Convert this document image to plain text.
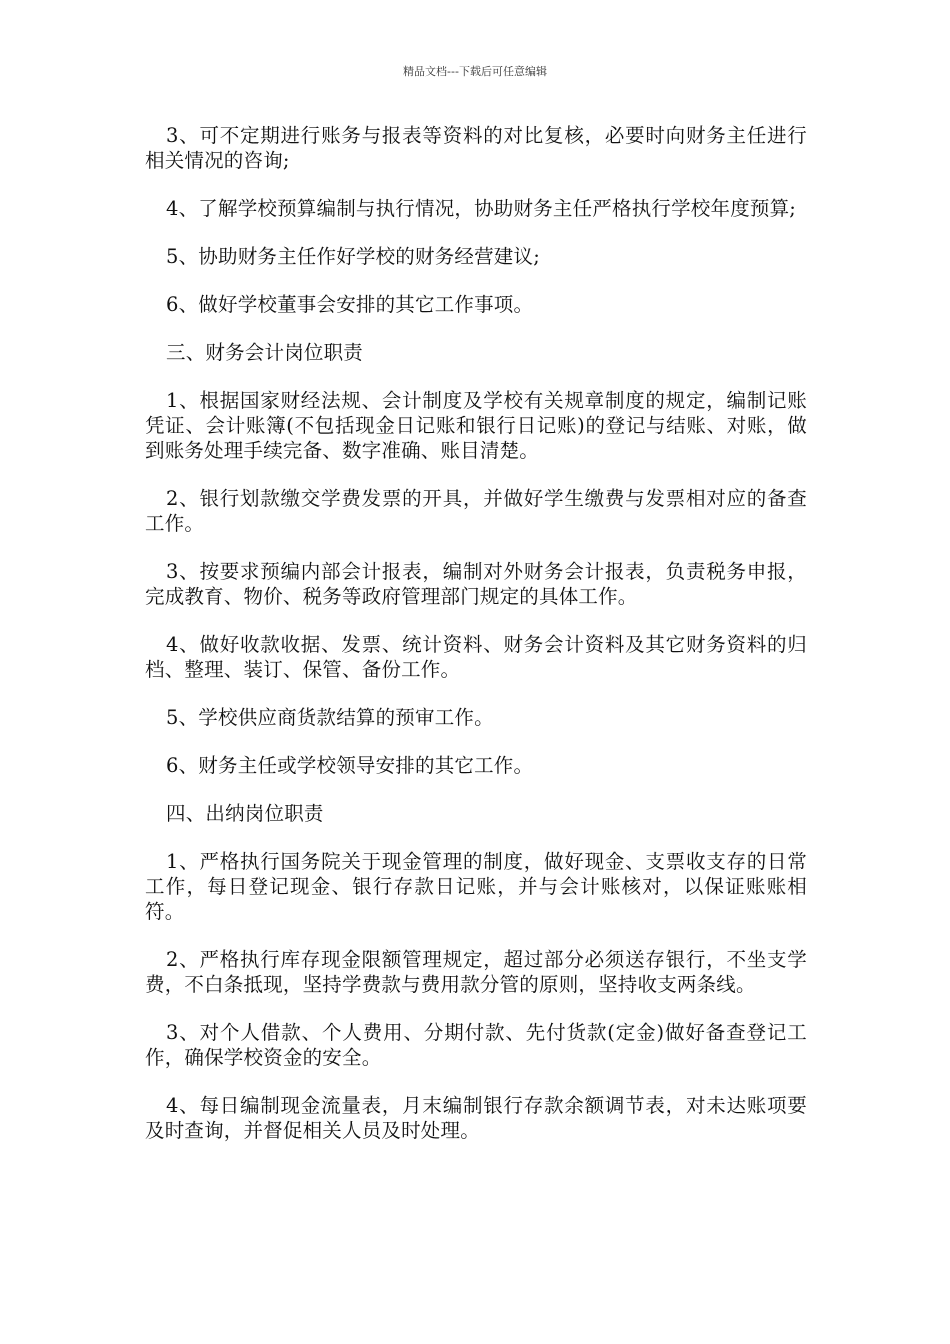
精品文档---下载后可任意编辑

3、可不定期进行账务与报表等资料的对比复核，必要时向财务主任进行相关情况的咨询;

4、了解学校预算编制与执行情况，协助财务主任严格执行学校年度预算;

5、协助财务主任作好学校的财务经营建议;

6、做好学校董事会安排的其它工作事项。

三、财务会计岗位职责

1、根据国家财经法规、会计制度及学校有关规章制度的规定，编制记账凭证、会计账簿(不包括现金日记账和银行日记账)的登记与结账、对账，做到账务处理手续完备、数字准确、账目清楚。

2、银行划款缴交学费发票的开具，并做好学生缴费与发票相对应的备查工作。

3、按要求预编内部会计报表，编制对外财务会计报表，负责税务申报，完成教育、物价、税务等政府管理部门规定的具体工作。

4、做好收款收据、发票、统计资料、财务会计资料及其它财务资料的归档、整理、装订、保管、备份工作。

5、学校供应商货款结算的预审工作。

6、财务主任或学校领导安排的其它工作。

四、出纳岗位职责

1、严格执行国务院关于现金管理的制度，做好现金、支票收支存的日常工作，每日登记现金、银行存款日记账，并与会计账核对，以保证账账相符。

2、严格执行库存现金限额管理规定，超过部分必须送存银行，不坐支学费，不白条抵现，坚持学费款与费用款分管的原则，坚持收支两条线。

3、对个人借款、个人费用、分期付款、先付货款(定金)做好备查登记工作，确保学校资金的安全。

4、每日编制现金流量表，月末编制银行存款余额调节表，对未达账项要及时查询，并督促相关人员及时处理。
